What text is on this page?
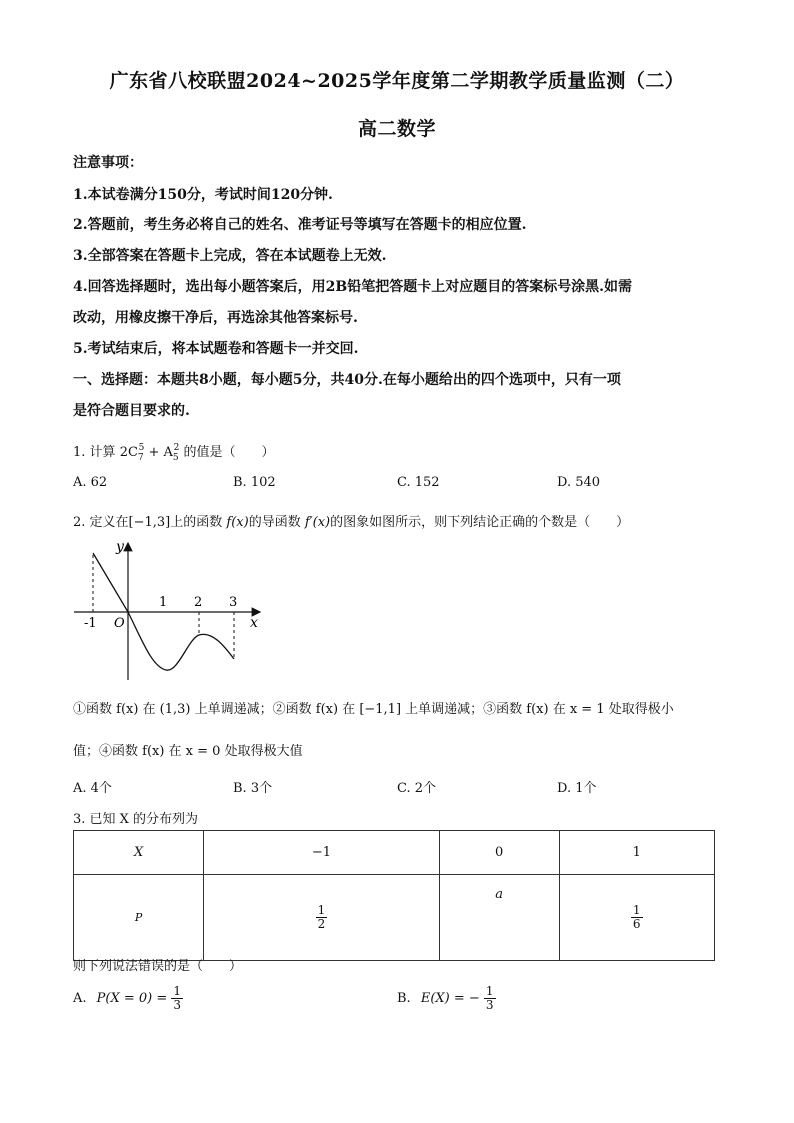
广东省八校联盟2024~2025学年度第二学期教学质量监测（二）
高二数学
注意事项：
1.本试卷满分150分，考试时间120分钟.
2.答题前，考生务必将自己的姓名、准考证号等填写在答题卡的相应位置.
3.全部答案在答题卡上完成，答在本试题卷上无效.
4.回答选择题时，选出每小题答案后，用2B铅笔把答题卡上对应题目的答案标号涂黑.如需
改动，用橡皮擦干净后，再选涂其他答案标号.
5.考试结束后，将本试题卷和答题卡一并交回.
一、选择题：本题共8小题，每小题5分，共40分.在每小题给出的四个选项中，只有一项
是符合题目要求的.
1. 计算 $2C_7^5 + A_5^2$ 的值是（　　）
A. 62	B. 102	C. 152	D. 540
2. 定义在[−1,3]上的函数 f(x)的导函数 f′(x)的图象如图所示，则下列结论正确的个数是（　　）
y
x
O
-1
1 2 3
①函数 f(x) 在 (1,3) 上单调递减；②函数 f(x) 在 [−1,1] 上单调递减；③函数 f(x) 在 x = 1 处取得极小
值；④函数 f(x) 在 x = 0 处取得极大值
A. 4个	B. 3个	C. 2个	D. 1个
3. 已知 X 的分布列为
X	−1	0	1
P	$\frac{1}{2}$	a	$\frac{1}{6}$
则下列说法错误的是（　　）
A. $P(X = 0) = \frac{1}{3}$	B. E(X) = − $\frac{1}{3}$
